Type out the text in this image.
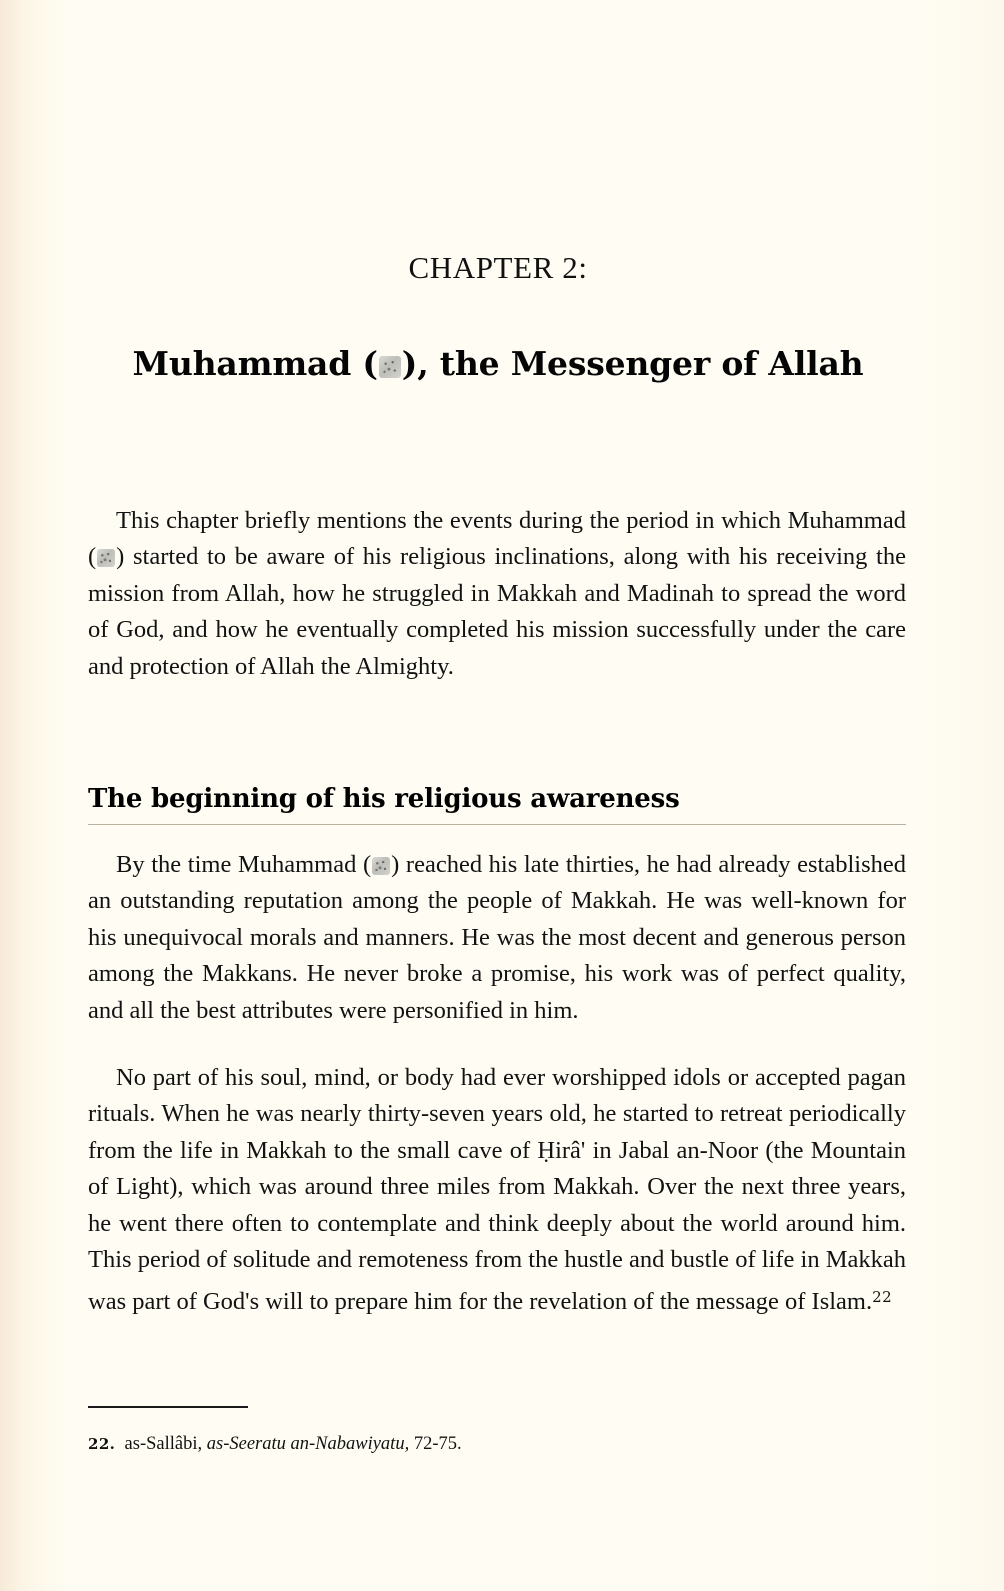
CHAPTER 2:
Muhammad ( ), the Messenger of Allah

This chapter briefly mentions the events during the period in which Muhammad ( ) started to be aware of his religious inclinations, along with his receiving the mission from Allah, how he struggled in Makkah and Madinah to spread the word of God, and how he eventually completed his mission successfully under the care and protection of Allah the Almighty.

The beginning of his religious awareness

By the time Muhammad ( ) reached his late thirties, he had already established an outstanding reputation among the people of Makkah. He was well-known for his unequivocal morals and manners. He was the most decent and generous person among the Makkans. He never broke a promise, his work was of perfect quality, and all the best attributes were personified in him.

No part of his soul, mind, or body had ever worshipped idols or accepted pagan rituals. When he was nearly thirty-seven years old, he started to retreat periodically from the life in Makkah to the small cave of Ḥirâ' in Jabal an-Noor (the Mountain of Light), which was around three miles from Makkah. Over the next three years, he went there often to contemplate and think deeply about the world around him. This period of solitude and remoteness from the hustle and bustle of life in Makkah was part of God's will to prepare him for the revelation of the message of Islam.$^{22}$

22. as-Sallâbi, as-Seeratu an-Nabawiyatu, 72-75.
